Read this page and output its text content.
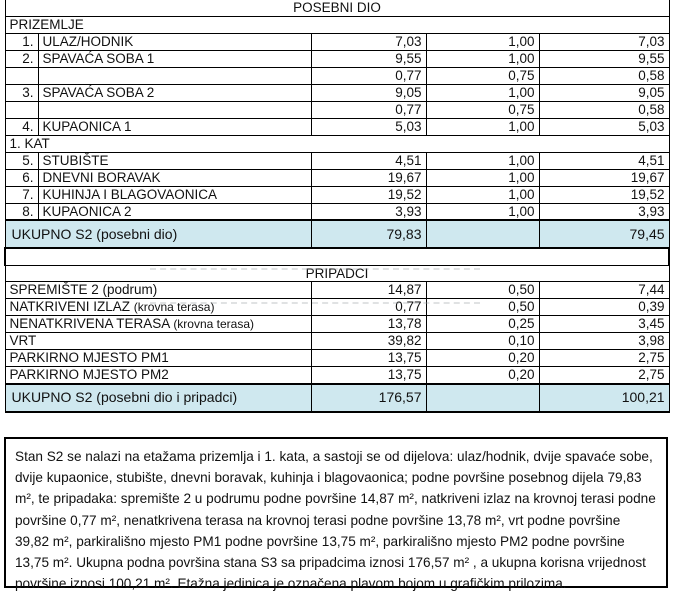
POSEBNI DIO				
PRIZEMLJE				
1.	ULAZ/HODNIK	7,03	1,00	7,03
2.	SPAVAĆA SOBA 1	9,55	1,00	9,55
		0,77	0,75	0,58
3.	SPAVAĆA SOBA 2	9,05	1,00	9,05
		0,77	0,75	0,58
4.	KUPAONICA 1	5,03	1,00	5,03
1. KAT				
5.	STUBIŠTE	4,51	1,00	4,51
6.	DNEVNI BORAVAK	19,67	1,00	19,67
7.	KUHINJA I BLAGOVAONICA	19,52	1,00	19,52
8.	KUPAONICA 2	3,93	1,00	3,93
UKUPNO S2 (posebni dio)		79,83		79,45

PRIPADCI				
SPREMIŠTE 2 (podrum)		14,87	0,50	7,44
NATKRIVENI IZLAZ (krovna terasa)		0,77	0,50	0,39
NENATKRIVENA TERASA (krovna terasa)		13,78	0,25	3,45
VRT		39,82	0,10	3,98
PARKIRNO MJESTO PM1		13,75	0,20	2,75
PARKIRNO MJESTO PM2		13,75	0,20	2,75
UKUPNO S2 (posebni dio i pripadci)		176,57		100,21

Stan S2 se nalazi na etažama prizemlja i 1. kata, a sastoji se od dijelova: ulaz/hodnik, dvije spavaće sobe, dvije kupaonice, stubište, dnevni boravak, kuhinja i blagovaonica; podne površine posebnog dijela 79,83 m², te pripadaka: spremište 2 u podrumu podne površine 14,87 m², natkriveni izlaz na krovnoj terasi podne površine 0,77 m², nenatkrivena terasa na krovnoj terasi podne površine 13,78 m², vrt podne površine 39,82 m², parkirališno mjesto PM1 podne površine 13,75 m², parkirališno mjesto PM2 podne površine 13,75 m². Ukupna podna površina stana S3 sa pripadcima iznosi 176,57 m² , a ukupna korisna vrijednost površine iznosi 100,21 m². Etažna jedinica je označena plavom bojom u grafičkim prilozima.
